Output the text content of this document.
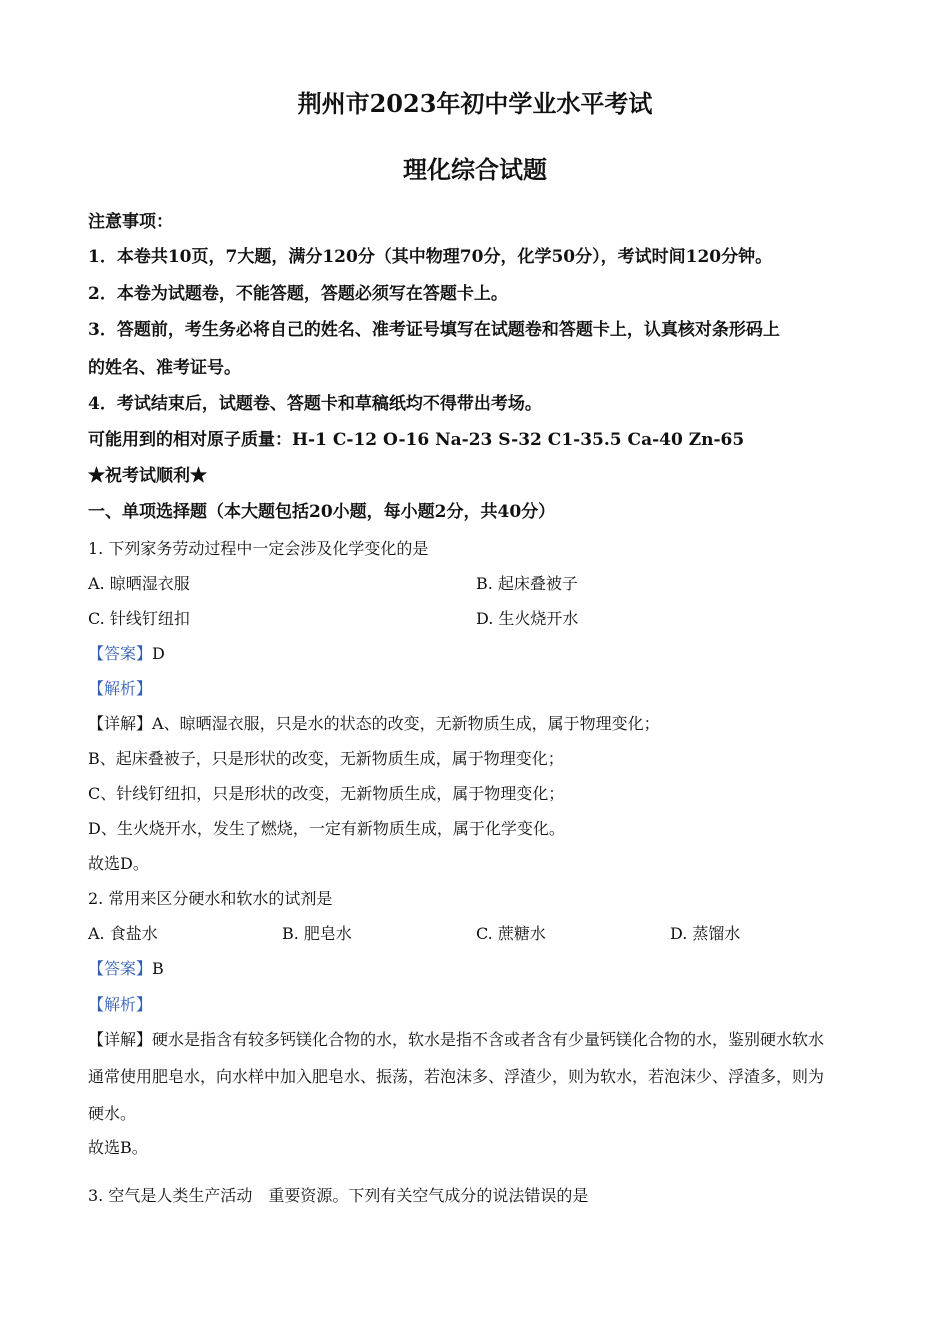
荆州市2023年初中学业水平考试
理化综合试题
注意事项：
1．本卷共10页，7大题，满分120分（其中物理70分，化学50分），考试时间120分钟。
2．本卷为试题卷，不能答题，答题必须写在答题卡上。
3．答题前，考生务必将自己的姓名、准考证号填写在试题卷和答题卡上，认真核对条形码上
的姓名、准考证号。
4．考试结束后，试题卷、答题卡和草稿纸均不得带出考场。
可能用到的相对原子质量：H-1 C-12 O-16 Na-23 S-32 C1-35.5 Ca-40 Zn-65
★祝考试顺利★
一、单项选择题（本大题包括20小题，每小题2分，共40分）
1. 下列家务劳动过程中一定会涉及化学变化的是
A. 晾晒湿衣服	B. 起床叠被子
C. 针线钉纽扣	D. 生火烧开水
【答案】D
【解析】
【详解】A、晾晒湿衣服，只是水的状态的改变，无新物质生成，属于物理变化；
B、起床叠被子，只是形状的改变，无新物质生成，属于物理变化；
C、针线钉纽扣，只是形状的改变，无新物质生成，属于物理变化；
D、生火烧开水，发生了燃烧，一定有新物质生成，属于化学变化。
故选D。
2. 常用来区分硬水和软水的试剂是
A. 食盐水	B. 肥皂水	C. 蔗糖水	D. 蒸馏水
【答案】B
【解析】
【详解】硬水是指含有较多钙镁化合物的水，软水是指不含或者含有少量钙镁化合物的水，鉴别硬水软水
通常使用肥皂水，向水样中加入肥皂水、振荡，若泡沫多、浮渣少，则为软水，若泡沫少、浮渣多，则为
硬水。
故选B。
3. 空气是人类生产活动　重要资源。下列有关空气成分的说法错误的是
